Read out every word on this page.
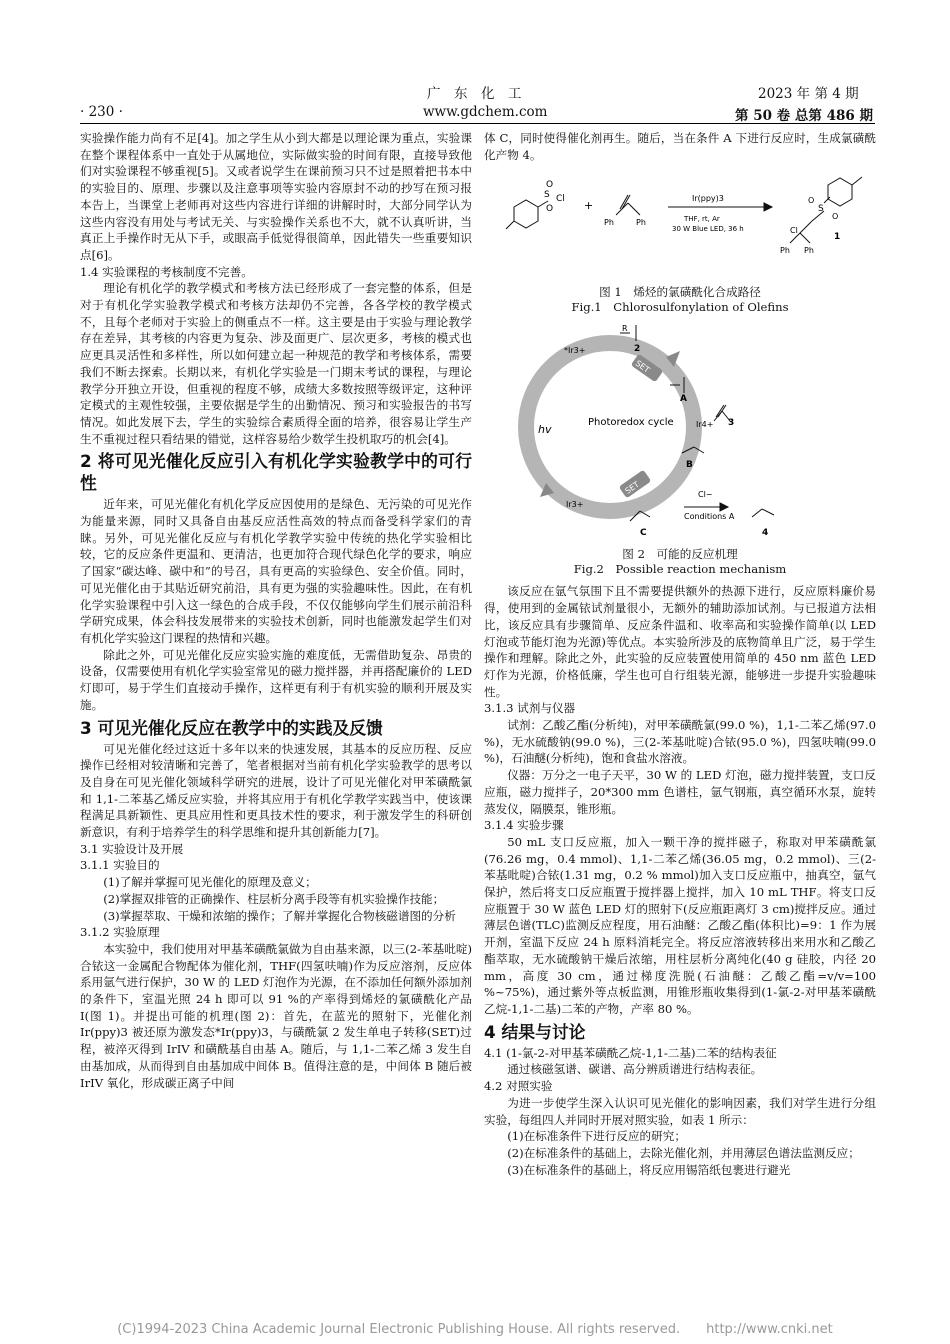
广　东　化　工	2023 年 第 4 期
· 230 ·	www.gdchem.com	第 50 卷 总第 486 期

实验操作能力尚有不足[4]。加之学生从小到大都是以理论课为重点，实验课在整个课程体系中一直处于从属地位，实际做实验的时间有限，直接导致他们对实验课程不够重视[5]。又或者说学生在课前预习只不过是照着把书本中的实验目的、原理、步骤以及注意事项等实验内容原封不动的抄写在预习报本告上，当课堂上老师再对这些内容进行详细的讲解时时，大部分同学认为这些内容没有用处与考试无关、与实验操作关系也不大，就不认真听讲，当真正上手操作时无从下手，或眼高手低觉得很简单，因此错失一些重要知识点[6]。

1.4 实验课程的考核制度不完善。

理论有机化学的教学模式和考核方法已经形成了一套完整的体系，但是对于有机化学实验教学模式和考核方法却仍不完善，各各学校的教学模式不，且每个老师对于实验上的侧重点不一样。这主要是由于实验与理论教学存在差异，其考核的内容更为复杂、涉及面更广、层次更多，考核的模式也应更具灵活性和多样性，所以如何建立起一种规范的教学和考核体系，需要我们不断去探索。长期以来，有机化学实验是一门期末考试的课程，与理论教学分开独立开设，但重视的程度不够，成绩大多数按照等级评定，这种评定模式的主观性较强，主要依据是学生的出勤情况、预习和实验报告的书写情况。如此发展下去，学生的实验综合素质得全面的培养，很容易让学生产生不重视过程只看结果的错觉，这样容易给少数学生投机取巧的机会[4]。

2 将可见光催化反应引入有机化学实验教学中的可行性

近年来，可见光催化有机化学反应因使用的是绿色、无污染的可见光作为能量来源，同时又具备自由基反应活性高效的特点而备受科学家们的青睐。另外，可见光催化反应与有机化学教学实验中传统的热化学实验相比较，它的反应条件更温和、更清洁，也更加符合现代绿色化学的要求，响应了国家“碳达峰、碳中和”的号召，具有更高的实验绿色、安全价值。同时，可见光催化由于其贴近研究前沿，具有更为强的实验趣味性。因此，在有机化学实验课程中引入这一绿色的合成手段，不仅仅能够向学生们展示前沿科学研究成果，体会科技发展带来的实验技术创新，同时也能激发起学生们对有机化学实验这门课程的热情和兴趣。

除此之外，可见光催化反应实验实施的难度低，无需借助复杂、昂贵的设备，仅需要使用有机化学实验室常见的磁力搅拌器，并再搭配廉价的 LED 灯即可，易于学生们直接动手操作，这样更有利于有机实验的顺利开展及实施。

3 可见光催化反应在教学中的实践及反馈

可见光催化经过这近十多年以来的快速发展，其基本的反应历程、反应操作已经相对较清晰和完善了，笔者根据对当前有机化学实验教学的思考以及自身在可见光催化领域科学研究的进展，设计了可见光催化对甲苯磺酰氯和 1,1-二苯基乙烯反应实验，并将其应用于有机化学教学实践当中，使该课程满足具新颖性、更具应用性和更具技术性的要求，利于激发学生的科研创新意识，有利于培养学生的科学思维和提升其创新能力[7]。

3.1 实验设计及开展

3.1.1 实验目的

(1)了解并掌握可见光催化的原理及意义；

(2)掌握双排管的正确操作、柱层析分离手段等有机实验操作技能；

(3)掌握萃取、干燥和浓缩的操作；了解并掌握化合物核磁谱图的分析

3.1.2 实验原理

本实验中，我们使用对甲基苯磺酰氯做为自由基来源，以三(2-苯基吡啶)合铱这一金属配合物配体为催化剂，THF(四氢呋喃)作为反应溶剂，反应体系用氩气进行保护，30 W 的 LED 灯泡作为光源，在不添加任何额外添加剂的条件下，室温光照 24 h 即可以 91 %的产率得到烯烃的氯磺酰化产品 I(图 1)。并提出可能的机理(图 2)：首先，在蓝光的照射下，光催化剂 Ir(ppy)3 被还原为激发态*Ir(ppy)3，与磺酰氯 2 发生单电子转移(SET)过程，被淬灭得到 IrIV 和磺酰基自由基 A。随后，与 1,1-二苯乙烯 3 发生自由基加成，从而得到自由基加成中间体 B。值得注意的是，中间体 B 随后被 IrIV 氧化，形成碳正离子中间

体 C，同时使得催化剂再生。随后，当在条件 A 下进行反应时，生成氯磺酰化产物 4。

S
O
O
Cl +
Ph	Ph
Ir(ppy)3
THF, rt, Ar
30 W Blue LED, 36 h
Ph Ph
Cl
S
O
O
1
图 1　烯烃的氯磺酰化合成路径
Fig.1　Chlorosulfonylation of Olefins
SET
SET
Photoredox cycle
hv
*Ir3+
Ir4+
Ir3+
R
2
A
3
B
C
Cl−
Conditions A
4
图 2　可能的反应机理
Fig.2　Possible reaction mechanism

该反应在氩气氛围下且不需要提供额外的热源下进行，反应原料廉价易得，使用到的金属铱试剂量很小，无额外的辅助添加试剂。与已报道方法相比，该反应具有步骤简单、反应条件温和、收率高和实验操作简单(以 LED 灯泡或节能灯泡为光源)等优点。本实验所涉及的底物简单且广泛，易于学生操作和理解。除此之外，此实验的反应装置使用简单的 450 nm 蓝色 LED 灯作为光源，价格低廉，学生也可自行组装光源，能够进一步提升实验趣味性。

3.1.3 试剂与仪器

试剂：乙酸乙酯(分析纯)，对甲苯磺酰氯(99.0 %)，1,1-二苯乙烯(97.0 %)，无水硫酸钠(99.0 %)，三(2-苯基吡啶)合铱(95.0 %)，四氢呋喃(99.0 %)，石油醚(分析纯)，饱和食盐水溶液。

仪器：万分之一电子天平，30 W 的 LED 灯泡，磁力搅拌装置，支口反应瓶，磁力搅拌子，20*300 mm 色谱柱，氩气钢瓶，真空循环水泵，旋转蒸发仪，隔膜泵，锥形瓶。

3.1.4 实验步骤

50 mL 支口反应瓶，加入一颗干净的搅拌磁子，称取对甲苯磺酰氯(76.26 mg，0.4 mmol)、1,1-二苯乙烯(36.05 mg，0.2 mmol)、三(2-苯基吡啶)合铱(1.31 mg，0.2 % mmol)加入支口反应瓶中，抽真空，氩气保护，然后将支口反应瓶置于搅拌器上搅拌，加入 10 mL THF。将支口反应瓶置于 30 W 蓝色 LED 灯的照射下(反应瓶距离灯 3 cm)搅拌反应。通过薄层色谱(TLC)监测反应程度，用石油醚：乙酸乙酯(体积比)=9：1 作为展开剂，室温下反应 24 h 原料消耗完全。将反应溶液转移出来用水和乙酸乙酯萃取，无水硫酸钠干燥后浓缩，用柱层析分离纯化(40 g 硅胶，内径 20 mm，高度 30 cm，通过梯度洗脱(石油醚：乙酸乙酯=v/v=100 %~75%)，通过紫外等点板监测，用锥形瓶收集得到(1-氯-2-对甲基苯磺酰乙烷-1,1-二基)二苯的产物，产率 80 %。

4 结果与讨论

4.1 (1-氯-2-对甲基苯磺酰乙烷-1,1-二基)二苯的结构表征

通过核磁氢谱、碳谱、高分辨质谱进行结构表征。

4.2 对照实验

为进一步使学生深入认识可见光催化的影响因素，我们对学生进行分组实验，每组四人并同时开展对照实验，如表 1 所示：

(1)在标准条件下进行反应的研究；

(2)在标准条件的基础上，去除光催化剂，并用薄层色谱法监测反应；

(3)在标准条件的基础上，将反应用锡箔纸包裹进行避光

(C)1994-2023 China Academic Journal Electronic Publishing House. All rights reserved.　　http://www.cnki.net
